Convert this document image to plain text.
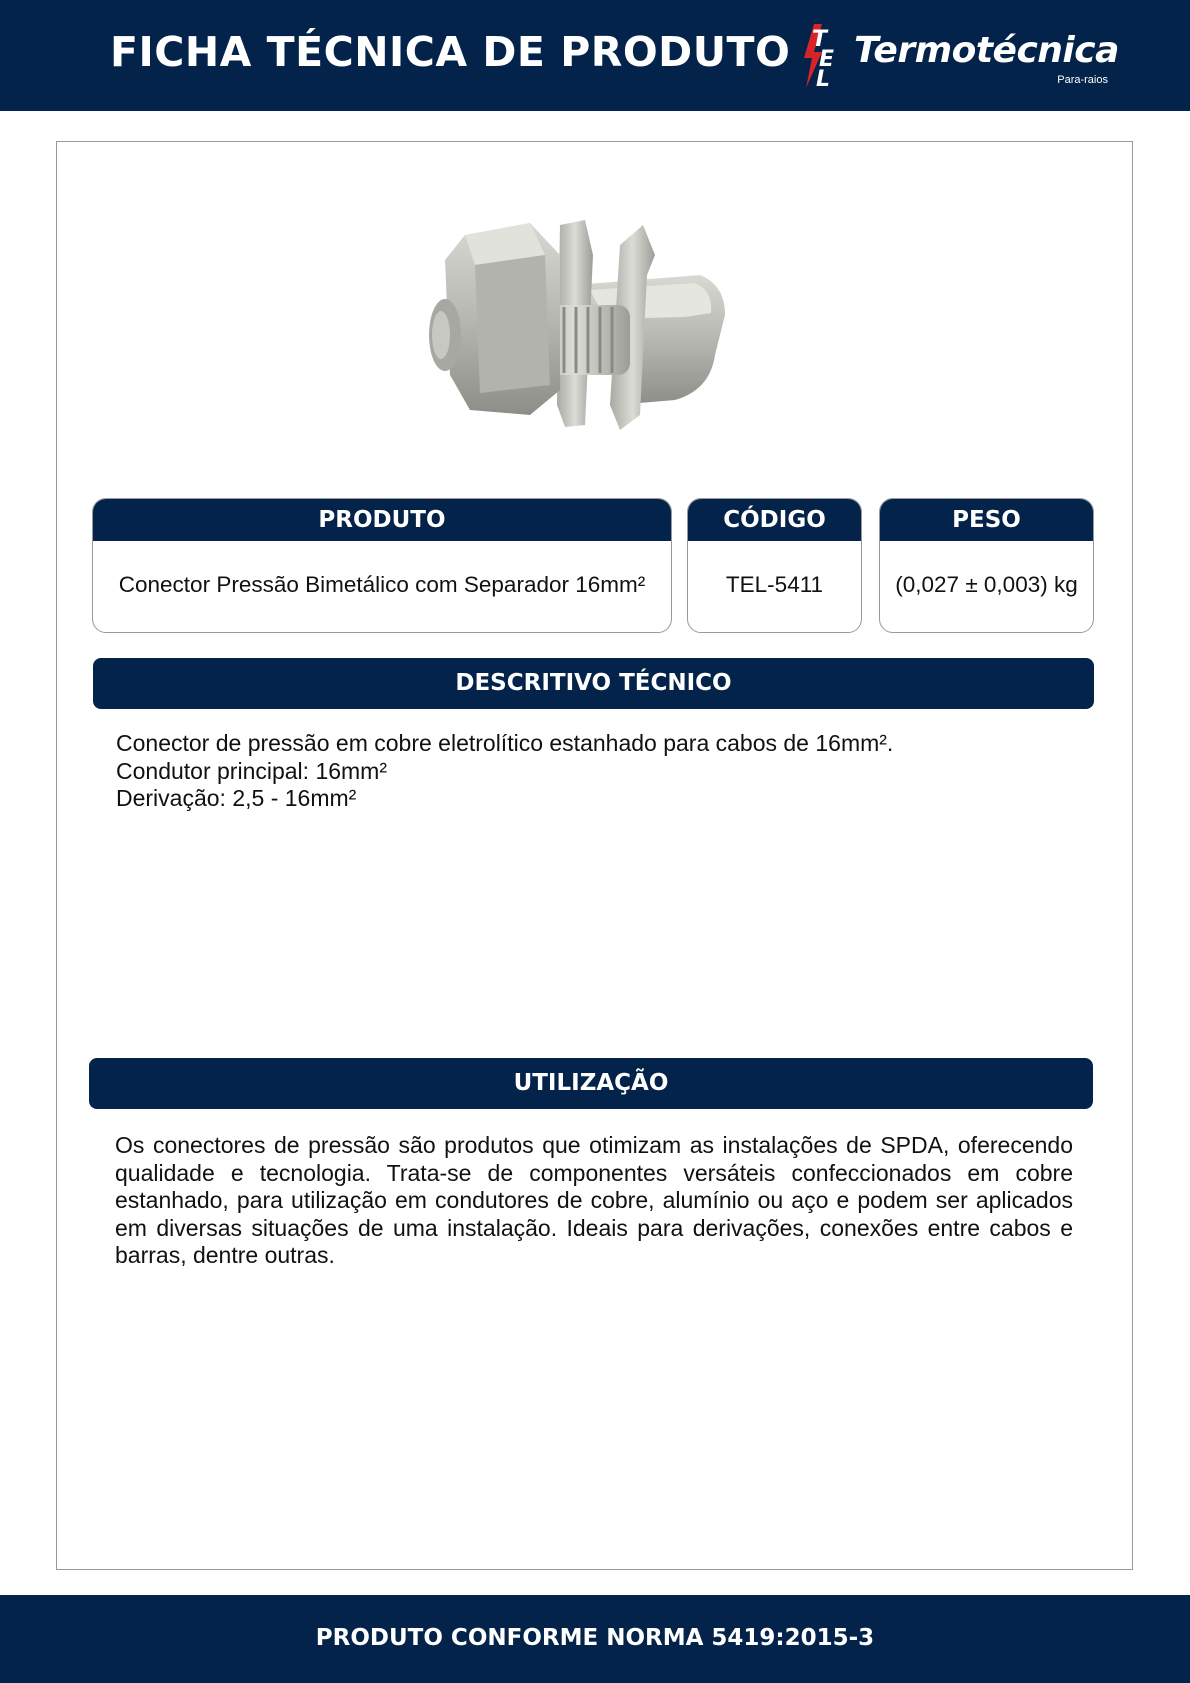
FICHA TÉCNICA DE PRODUTO T
E
L
Termotécnica
Para-raios
PRODUTO
Conector Pressão Bimetálico com Separador 16mm²
CÓDIGO
TEL-5411
PESO
(0,027 ± 0,003) kg
DESCRITIVO TÉCNICO
Conector de pressão em cobre eletrolítico estanhado para cabos de 16mm².
Condutor principal: 16mm²
Derivação: 2,5 - 16mm²
UTILIZAÇÃO
Os conectores de pressão são produtos que otimizam as instalações de SPDA, oferecendo qualidade e tecnologia. Trata-se de componentes versáteis confeccionados em cobre estanhado, para utilização em condutores de cobre, alumínio ou aço e podem ser aplicados em diversas situações de uma instalação. Ideais para derivações, conexões entre cabos e barras, dentre outras.
PRODUTO CONFORME NORMA 5419:2015-3
